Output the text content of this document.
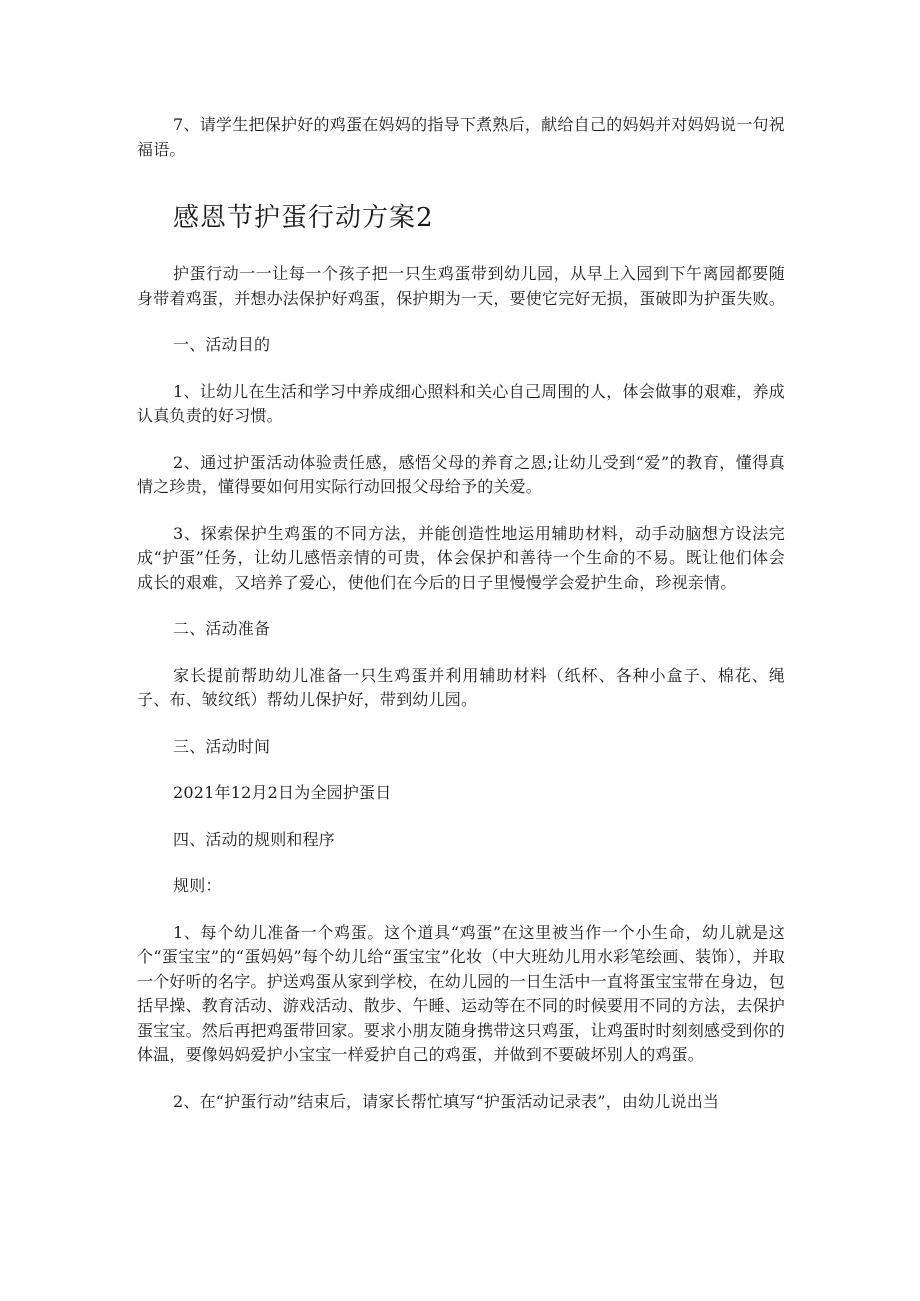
7、请学生把保护好的鸡蛋在妈妈的指导下煮熟后，献给自己的妈妈并对妈妈说一句祝福语。

感恩节护蛋行动方案2

护蛋行动一一让每一个孩子把一只生鸡蛋带到幼儿园，从早上入园到下午离园都要随身带着鸡蛋，并想办法保护好鸡蛋，保护期为一天，要使它完好无损，蛋破即为护蛋失败。

一、活动目的

1、让幼儿在生活和学习中养成细心照料和关心自己周围的人，体会做事的艰难，养成认真负责的好习惯。

2、通过护蛋活动体验责任感，感悟父母的养育之恩;让幼儿受到“爱”的教育，懂得真情之珍贵，懂得要如何用实际行动回报父母给予的关爱。

3、探索保护生鸡蛋的不同方法，并能创造性地运用辅助材料，动手动脑想方设法完成“护蛋”任务，让幼儿感悟亲情的可贵，体会保护和善待一个生命的不易。既让他们体会成长的艰难，又培养了爱心，使他们在今后的日子里慢慢学会爱护生命，珍视亲情。

二、活动准备

家长提前帮助幼儿准备一只生鸡蛋并利用辅助材料（纸杯、各种小盒子、棉花、绳子、布、皱纹纸）帮幼儿保护好，带到幼儿园。

三、活动时间

2021年12月2日为全园护蛋日

四、活动的规则和程序

规则：

1、每个幼儿准备一个鸡蛋。这个道具“鸡蛋”在这里被当作一个小生命，幼儿就是这个“蛋宝宝”的“蛋妈妈”每个幼儿给“蛋宝宝”化妆（中大班幼儿用水彩笔绘画、装饰），并取一个好听的名字。护送鸡蛋从家到学校，在幼儿园的一日生活中一直将蛋宝宝带在身边，包括早操、教育活动、游戏活动、散步、午睡、运动等在不同的时候要用不同的方法，去保护蛋宝宝。然后再把鸡蛋带回家。要求小朋友随身携带这只鸡蛋，让鸡蛋时时刻刻感受到你的体温，要像妈妈爱护小宝宝一样爱护自己的鸡蛋，并做到不要破坏别人的鸡蛋。

2、在“护蛋行动”结束后，请家长帮忙填写“护蛋活动记录表”，由幼儿说出当
